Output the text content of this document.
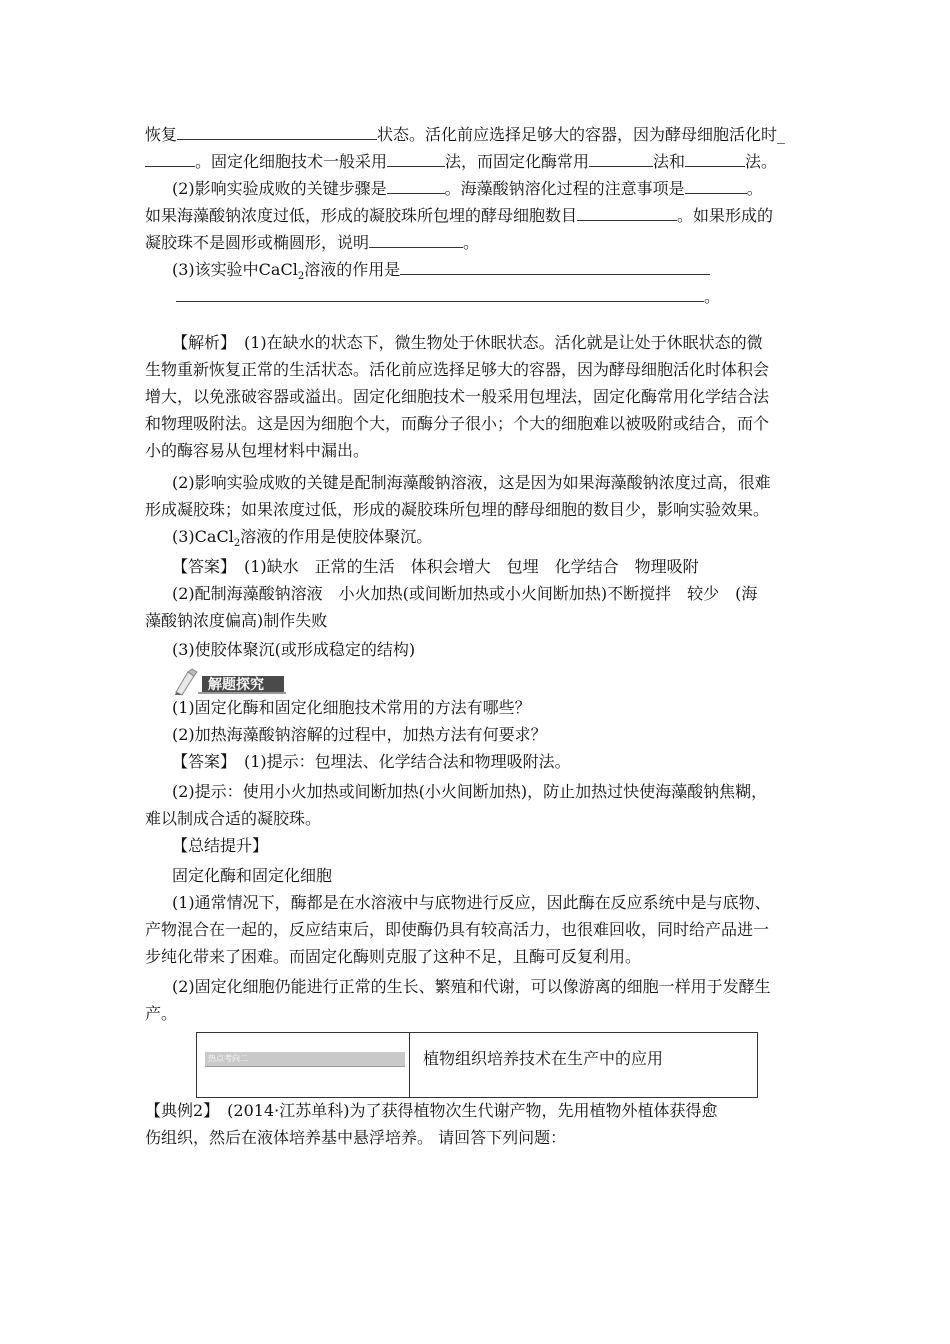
恢复	状态。活化前应选择足够大的容器，因为酵母细胞活化时_
。固定化细胞技术一般采用	法，而固定化酶常用	法和	法。
(2)影响实验成败的关键步骤是	。海藻酸钠溶化过程的注意事项是	。
如果海藻酸钠浓度过低，形成的凝胶珠所包埋的酵母细胞数目	。如果形成的
凝胶珠不是圆形或椭圆形，说明	。
(3)该实验中CaCl$_2$溶液的作用是
。
【解析】　(1)在缺水的状态下，微生物处于休眠状态。活化就是让处于休眠状态的微
生物重新恢复正常的生活状态。活化前应选择足够大的容器，因为酵母细胞活化时体积会
增大，以免涨破容器或溢出。固定化细胞技术一般采用包埋法，固定化酶常用化学结合法
和物理吸附法。这是因为细胞个大，而酶分子很小；个大的细胞难以被吸附或结合，而个
小的酶容易从包埋材料中漏出。
(2)影响实验成败的关键是配制海藻酸钠溶液，这是因为如果海藻酸钠浓度过高，很难
形成凝胶珠；如果浓度过低，形成的凝胶珠所包埋的酵母细胞的数目少，影响实验效果。
(3)CaCl$_2$溶液的作用是使胶体聚沉。
【答案】　(1)缺水　正常的生活　体积会增大　包埋　化学结合　物理吸附
(2)配制海藻酸钠溶液　小火加热(或间断加热或小火间断加热)不断搅拌　较少　(海
藻酸钠浓度偏高)制作失败
(3)使胶体聚沉(或形成稳定的结构)
解题探究
(1)固定化酶和固定化细胞技术常用的方法有哪些？
(2)加热海藻酸钠溶解的过程中，加热方法有何要求？
【答案】　(1)提示：包埋法、化学结合法和物理吸附法。
(2)提示：使用小火加热或间断加热(小火间断加热)，防止加热过快使海藻酸钠焦糊，
难以制成合适的凝胶珠。
【总结提升】
固定化酶和固定化细胞
(1)通常情况下，酶都是在水溶液中与底物进行反应，因此酶在反应系统中是与底物、
产物混合在一起的，反应结束后，即使酶仍具有较高活力，也很难回收，同时给产品进一
步纯化带来了困难。而固定化酶则克服了这种不足，且酶可反复利用。
(2)固定化细胞仍能进行正常的生长、繁殖和代谢，可以像游离的细胞一样用于发酵生
产。
热点考向二	植物组织培养技术在生产中的应用
【典例2】　(2014·江苏单科)为了获得植物次生代谢产物，先用植物外植体获得愈
伤组织，然后在液体培养基中悬浮培养。 请回答下列问题：
